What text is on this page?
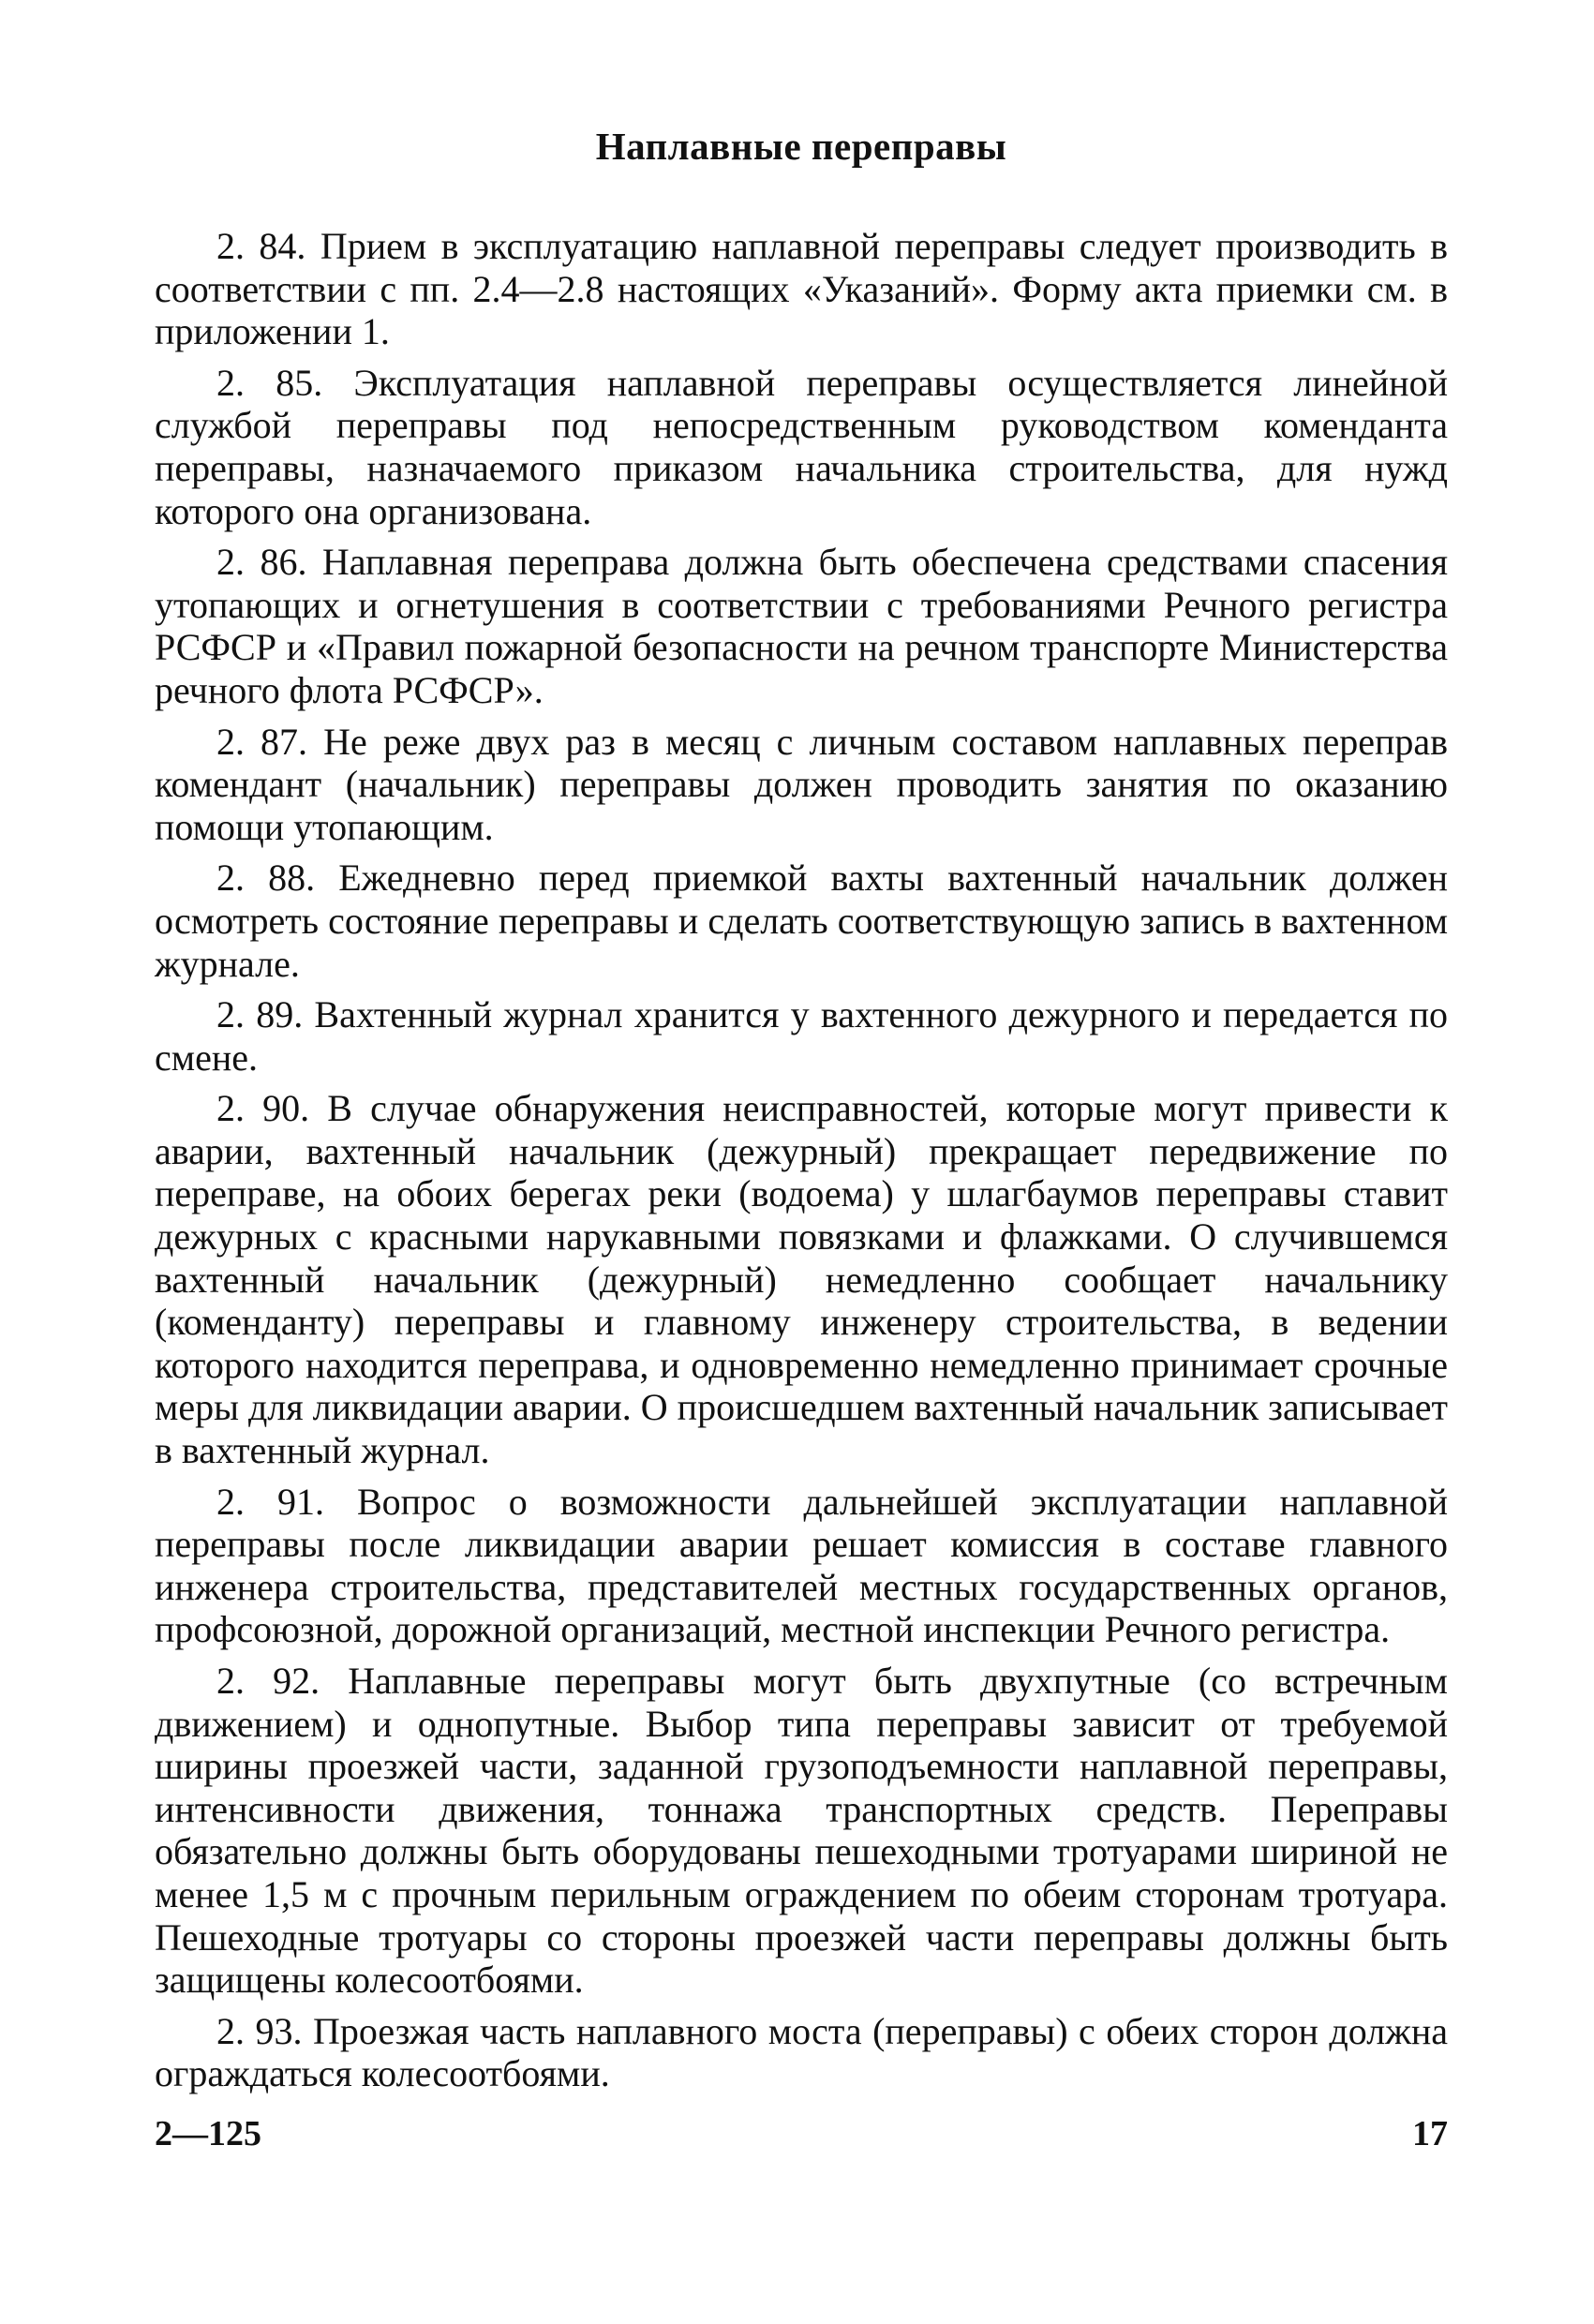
Наплавные переправы

2. 84. Прием в эксплуатацию наплавной переправы следует производить в соответствии с пп. 2.4—2.8 настоящих «Указаний». Форму акта приемки см. в приложении 1.

2. 85. Эксплуатация наплавной переправы осуществляется линейной службой переправы под непосредственным руководством коменданта переправы, назначаемого приказом начальника строительства, для нужд которого она организована.

2. 86. Наплавная переправа должна быть обеспечена средствами спасения утопающих и огнетушения в соответствии с требованиями Речного регистра РСФСР и «Правил пожарной безопасности на речном транспорте Министерства речного флота РСФСР».

2. 87. Не реже двух раз в месяц с личным составом наплавных переправ комендант (начальник) переправы должен проводить занятия по оказанию помощи утопающим.

2. 88. Ежедневно перед приемкой вахты вахтенный начальник должен осмотреть состояние переправы и сделать соответствующую запись в вахтенном журнале.

2. 89. Вахтенный журнал хранится у вахтенного дежурного и передается по смене.

2. 90. В случае обнаружения неисправностей, которые могут привести к аварии, вахтенный начальник (дежурный) прекращает передвижение по переправе, на обоих берегах реки (водоема) у шлагбаумов переправы ставит дежурных с красными нарукавными повязками и флажками. О случившемся вахтенный начальник (дежурный) немедленно сообщает начальнику (коменданту) переправы и главному инженеру строительства, в ведении которого находится переправа, и одновременно немедленно принимает срочные меры для ликвидации аварии. О происшедшем вахтенный начальник записывает в вахтенный журнал.

2. 91. Вопрос о возможности дальнейшей эксплуатации наплавной переправы после ликвидации аварии решает комиссия в составе главного инженера строительства, представителей местных государственных органов, профсоюзной, дорожной организаций, местной инспекции Речного регистра.

2. 92. Наплавные переправы могут быть двухпутные (со встречным движением) и однопутные. Выбор типа переправы зависит от требуемой ширины проезжей части, заданной грузоподъемности наплавной переправы, интенсивности движения, тоннажа транспортных средств. Переправы обязательно должны быть оборудованы пешеходными тротуарами шириной не менее 1,5 м с прочным перильным ограждением по обеим сторонам тротуара. Пешеходные тротуары со стороны проезжей части переправы должны быть защищены колесоотбоями.

2. 93. Проезжая часть наплавного моста (переправы) с обеих сторон должна ограждаться колесоотбоями.

2—125	17
